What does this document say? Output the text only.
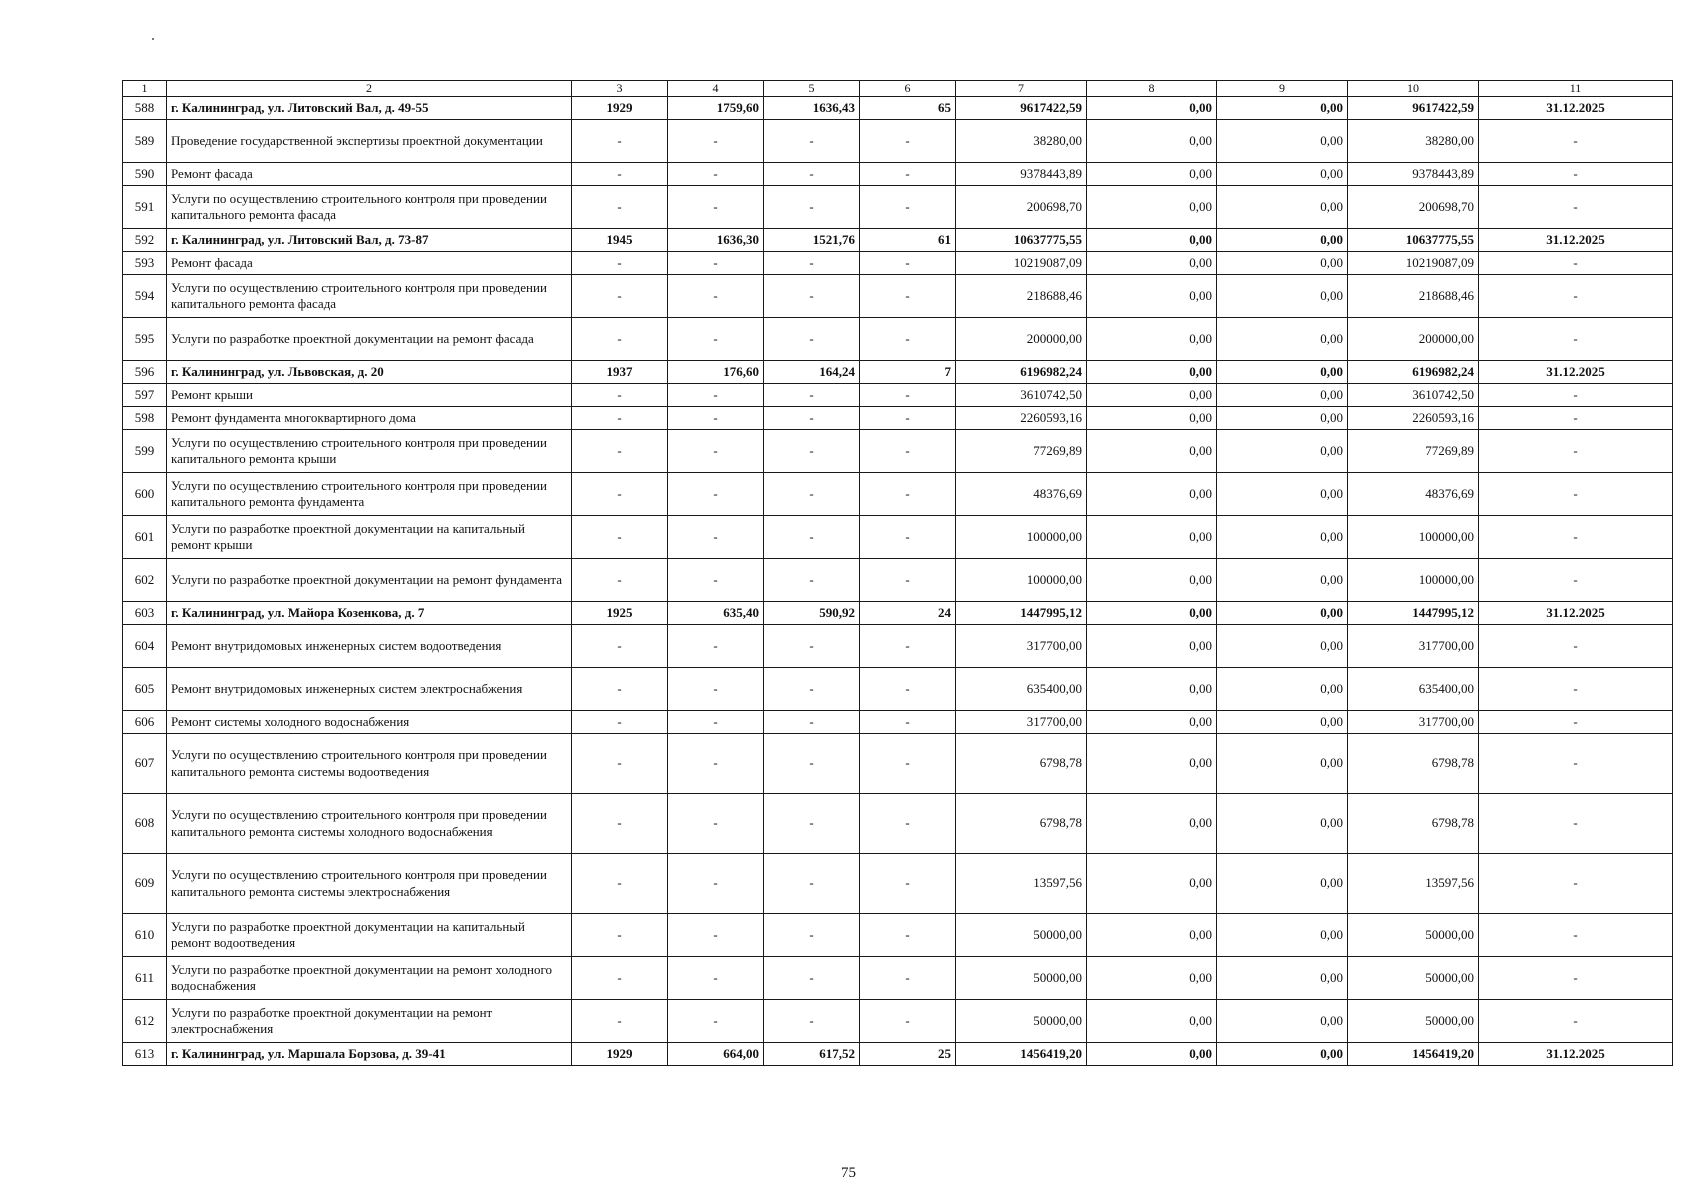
1	2	3	4	5	6	7	8	9	10	11
588	г. Калининград, ул. Литовский Вал, д. 49-55	1929	1759,60	1636,43	65	9617422,59	0,00	0,00	9617422,59	31.12.2025
589	Проведение государственной экспертизы проектной документации	-	-	-	-	38280,00	0,00	0,00	38280,00	-
590	Ремонт фасада	-	-	-	-	9378443,89	0,00	0,00	9378443,89	-
591	Услуги по осуществлению строительного контроля при проведении капитального ремонта фасада	-	-	-	-	200698,70	0,00	0,00	200698,70	-
592	г. Калининград, ул. Литовский Вал, д. 73-87	1945	1636,30	1521,76	61	10637775,55	0,00	0,00	10637775,55	31.12.2025
593	Ремонт фасада	-	-	-	-	10219087,09	0,00	0,00	10219087,09	-
594	Услуги по осуществлению строительного контроля при проведении капитального ремонта фасада	-	-	-	-	218688,46	0,00	0,00	218688,46	-
595	Услуги по разработке проектной документации на ремонт фасада	-	-	-	-	200000,00	0,00	0,00	200000,00	-
596	г. Калининград, ул. Львовская, д. 20	1937	176,60	164,24	7	6196982,24	0,00	0,00	6196982,24	31.12.2025
597	Ремонт крыши	-	-	-	-	3610742,50	0,00	0,00	3610742,50	-
598	Ремонт фундамента многоквартирного дома	-	-	-	-	2260593,16	0,00	0,00	2260593,16	-
599	Услуги по осуществлению строительного контроля при проведении капитального ремонта крыши	-	-	-	-	77269,89	0,00	0,00	77269,89	-
600	Услуги по осуществлению строительного контроля при проведении капитального ремонта фундамента	-	-	-	-	48376,69	0,00	0,00	48376,69	-
601	Услуги по разработке проектной документации на капитальный ремонт крыши	-	-	-	-	100000,00	0,00	0,00	100000,00	-
602	Услуги по разработке проектной документации на ремонт фундамента	-	-	-	-	100000,00	0,00	0,00	100000,00	-
603	г. Калининград, ул. Майора Козенкова, д. 7	1925	635,40	590,92	24	1447995,12	0,00	0,00	1447995,12	31.12.2025
604	Ремонт внутридомовых инженерных систем водоотведения	-	-	-	-	317700,00	0,00	0,00	317700,00	-
605	Ремонт внутридомовых инженерных систем электроснабжения	-	-	-	-	635400,00	0,00	0,00	635400,00	-
606	Ремонт системы холодного водоснабжения	-	-	-	-	317700,00	0,00	0,00	317700,00	-
607	Услуги по осуществлению строительного контроля при проведении капитального ремонта системы водоотведения	-	-	-	-	6798,78	0,00	0,00	6798,78	-
608	Услуги по осуществлению строительного контроля при проведении капитального ремонта системы холодного водоснабжения	-	-	-	-	6798,78	0,00	0,00	6798,78	-
609	Услуги по осуществлению строительного контроля при проведении капитального ремонта системы электроснабжения	-	-	-	-	13597,56	0,00	0,00	13597,56	-
610	Услуги по разработке проектной документации на капитальный ремонт водоотведения	-	-	-	-	50000,00	0,00	0,00	50000,00	-
611	Услуги по разработке проектной документации на ремонт холодного водоснабжения	-	-	-	-	50000,00	0,00	0,00	50000,00	-
612	Услуги по разработке проектной документации на ремонт электроснабжения	-	-	-	-	50000,00	0,00	0,00	50000,00	-
613	г. Калининград, ул. Маршала Борзова, д. 39-41	1929	664,00	617,52	25	1456419,20	0,00	0,00	1456419,20	31.12.2025
75
